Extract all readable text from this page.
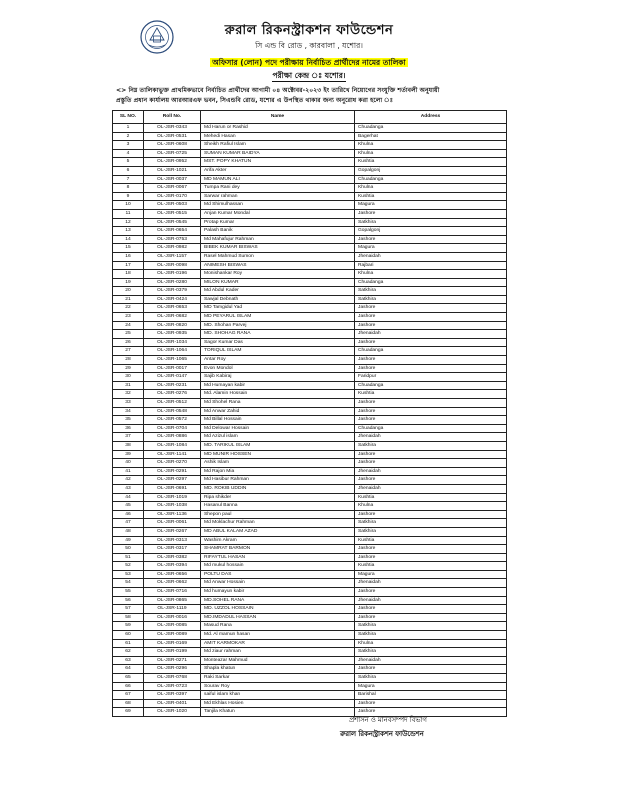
রুরাল রিকনস্ট্রাকশন ফাউন্ডেশন
সি এন্ড বি রোড , কারবালা , যশোর।
অফিসার (লোন) পদে পরীক্ষায় নির্বাচিত প্রার্থীদের নামের তালিকা
পরীক্ষা কেন্দ্র ঃ যশোর।
<> নিম্ন তালিকাভুক্ত প্রাথমিকভাবে নির্বাচিত প্রার্থীদের আগামী ০৪ অক্টোবর-২০২৩ ইং তারিখে নিয়োগের সংযুক্তি শর্তাবলী অনুযায়ী
প্রস্তুতি প্রধান কার্যালয় আরআরএফ ভবন, সিএন্ডবি রোড, যশোর এ উপস্থিত থাকার জন্য অনুরোধ করা হলো ঃ
SL NO.	Roll No.	Name	Address
1	OL-JSR-0343	Md Harun or Rashid	Chuadanga
2	OL-JSR-0531	Mehedi Hasan	Bagerhat
3	OL-JSR-0608	Sheikh Rafiul Islam	Khulna
4	OL-JSR-0725	SUMAN KUMAR BAIDYA	Khulna
5	OL-JSR-0952	MST. POPY KHATUN	Kushtia
6	OL-JSR-1021	Arifa Akter	Gopalgonj
7	OL-JSR-0037	MD MAMUN ALI	Chuadanga
8	OL-JSR-0067	Tumpa Rani dey	Khulna
9	OL-JSR-0170	Sarwar rahman	Kushtia
10	OL-JSR-0503	Md Shimulhassan	Magura
11	OL-JSR-0515	Anjan Kumar Mondal	Jashore
12	OL-JSR-0545	Protap Kumar	Satkhira
13	OL-JSR-0654	Palash Banik	Gopalgonj
14	OL-JSR-0753	Md Mahafujur Rahman	Jashore
15	OL-JSR-0982	BIBEK KUMAR BISWAS	Magura
16	OL-JSR-1157	Rasel Mahmud Sumon	Jhenaidah
17	OL-JSR-0098	ANIMESH BISWAS	Rajbari
18	OL-JSR-0196	Monishankar Roy	Khulna
19	OL-JSR-0280	MILON KUMAR	Chuadanga
20	OL-JSR-0379	Md Abdul Kader	Satkhira
21	OL-JSR-0424	Sawjal Debnath	Satkhira
22	OL-JSR-0653	MD Tamgidul Yad	Jashore
23	OL-JSR-0682	MD PEYARUL ISLAM	Jashore
24	OL-JSR-0820	MD. Shohan Parvej	Jashore
25	OL-JSR-0935	MD. SHOHAG RANA	Jhenaidah
26	OL-JSR-1034	Sagor Kumar Das	Jashore
27	OL-JSR-1064	TORIQUL ISLAM	Chuadanga
28	OL-JSR-1065	Antar Roy	Jashore
29	OL-JSR-0017	Evon Mondol	Jashore
30	OL-JSR-0147	Sajib Kabiraj	Faridpur
31	OL-JSR-0231	Md Humayan kabir	Chuadanga
32	OL-JSR-0276	Md. Alamin Hossain	Kushtia
33	OL-JSR-0512	Md Shohel Rana	Jashore
34	OL-JSR-0548	Md Anwar Zahid	Jashore
35	OL-JSR-0572	Md Billal Hossain	Jashore
36	OL-JSR-0704	Md Delowar Hossain	Chuadanga
37	OL-JSR-0886	Md Azizul islam	Jhenaidah
38	OL-JSR-1084	MD. TARIKUL ISLAM	Satkhira
39	OL-JSR-1141	MD MUNIR HOSSEN	Jashore
40	OL-JSR-0270	Ashik Islam	Jashore
41	OL-JSR-0291	Md Rajon Mia	Jhenaidah
42	OL-JSR-0297	Md Hasibur Rahman	Jashore
43	OL-JSR-0691	MD. ROKIB UDDIN	Jhenaidah
44	OL-JSR-1019	Ripa shikder	Kushtia
45	OL-JSR-1038	Hasanul Banna	Khulna
46	OL-JSR-1136	Shepon paul	Jashore
47	OL-JSR-0061	Md Moklachur Rahman	Satkhira
48	OL-JSR-0267	MD ABUL KALAM AZAD	Satkhira
49	OL-JSR-0313	Washim Akram	Kushtia
50	OL-JSR-0317	SHAMRAT BARMON	Jashore
51	OL-JSR-0382	RIFAYTUL HASAN	Jashore
52	OL-JSR-0394	Md mukul hossain	Kushtia
53	OL-JSR-0656	POLTU DAS	Magura
54	OL-JSR-0662	Md Anwar Hossain	Jhenaidah
55	OL-JSR-0716	Md humayun kabir	Jashore
56	OL-JSR-0865	MD.SOHEL RANA	Jhenaidah
57	OL-JSR-1119	MD. UZZOL HOSSAIN	Jashore
58	OL-JSR-0016	MD.IMDADUL HASSAN	Jashore
59	OL-JSR-0085	Masud Rana	Satkhira
60	OL-JSR-0089	Md. Al mamun hasan	Satkhira
61	OL-JSR-0169	AMIT KARMOKAR	Khulna
62	OL-JSR-0199	Md ziaur rahman	Satkhira
63	OL-JSR-0271	Monteazar Mahmud	Jhenaidah
64	OL-JSR-0296	Shapla khatun	Jashore
65	OL-JSR-0768	Raki Sarkar	Satkhira
66	OL-JSR-0723	Sourav Roy	Magura
67	OL-JSR-0397	saiful islam khan	Barishal
68	OL-JSR-0401	Md Ekhlas Hosien	Jashore
69	OL-JSR-1020	Tanjila Khatun	Jashore
প্রশাসন ও মানবসম্পদ বিভাগ
রুরাল রিকনস্ট্রাকশন ফাউন্ডেশন
